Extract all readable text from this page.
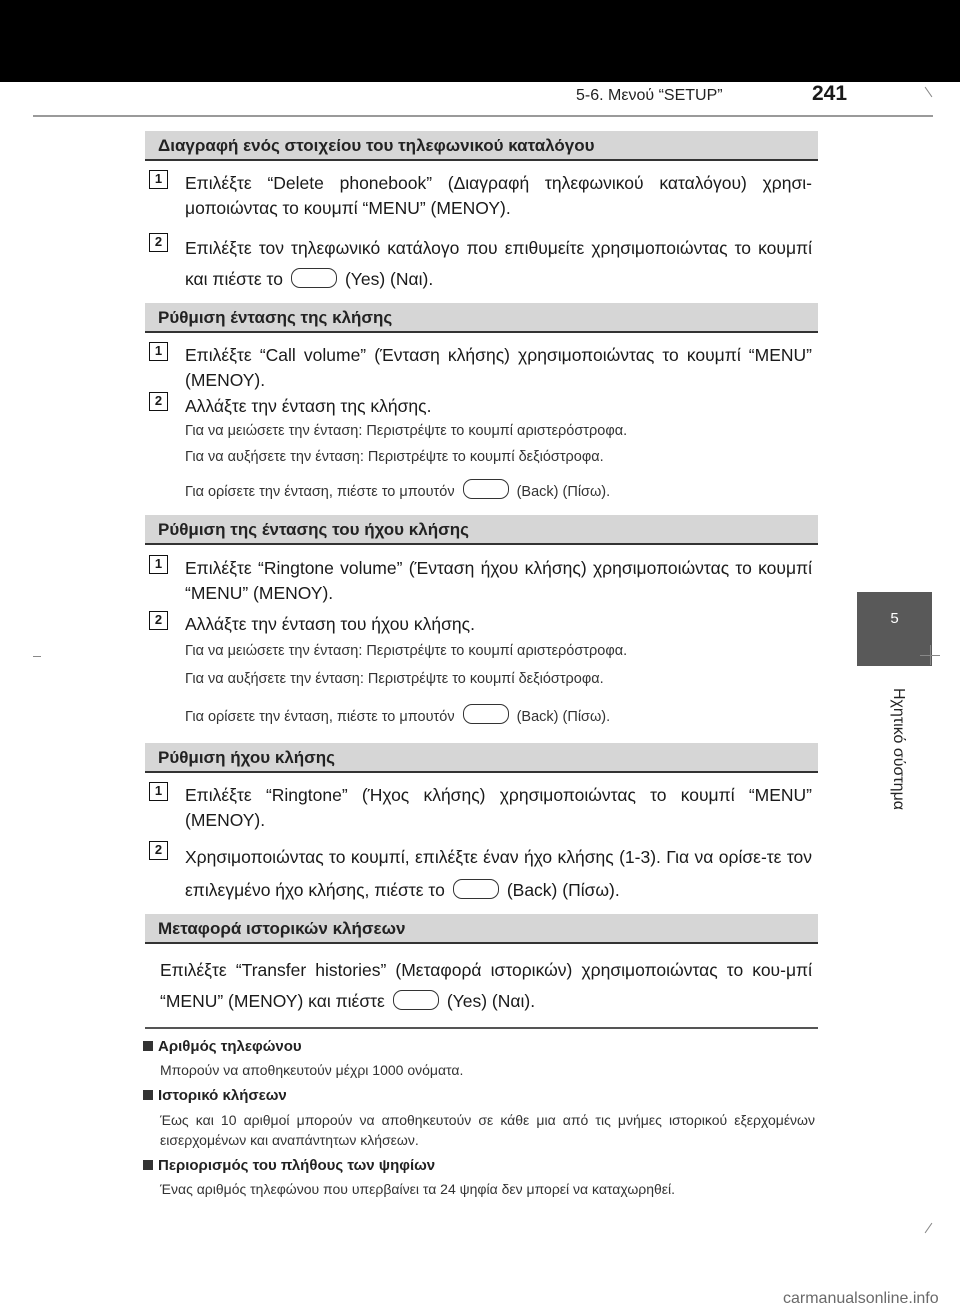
5-6. Μενού “SETUP”	241
5
Ηχητικό σύστημα
Διαγραφή ενός στοιχείου του τηλεφωνικού καταλόγου
1	Επιλέξτε “Delete phonebook” (Διαγραφή τηλεφωνικού καταλόγου) χρησι-μοποιώντας το κουμπί “MENU” (ΜΕΝΟΥ).
2	Επιλέξτε τον τηλεφωνικό κατάλογο που επιθυμείτε χρησιμοποιώντας το κουμπί και πιέστε το	(Yes) (Ναι).
Ρύθμιση έντασης της κλήσης
1	Επιλέξτε “Call volume” (Ένταση κλήσης) χρησιμοποιώντας το κουμπί “MENU” (ΜΕΝΟΥ).
2	Αλλάξτε την ένταση της κλήσης.
Για να μειώσετε την ένταση: Περιστρέψτε το κουμπί αριστερόστροφα.
Για να αυξήσετε την ένταση: Περιστρέψτε το κουμπί δεξιόστροφα.
Για ορίσετε την ένταση, πιέστε το μπουτόν	(Back) (Πίσω).
Ρύθμιση της έντασης του ήχου κλήσης
1	Επιλέξτε “Ringtone volume” (Ένταση ήχου κλήσης) χρησιμοποιώντας το κουμπί “MENU” (ΜΕΝΟΥ).
2	Αλλάξτε την ένταση του ήχου κλήσης.
Για να μειώσετε την ένταση: Περιστρέψτε το κουμπί αριστερόστροφα.
Για να αυξήσετε την ένταση: Περιστρέψτε το κουμπί δεξιόστροφα.
Για ορίσετε την ένταση, πιέστε το μπουτόν	(Back) (Πίσω).
Ρύθμιση ήχου κλήσης
1	Επιλέξτε “Ringtone” (Ήχος κλήσης) χρησιμοποιώντας το κουμπί “MENU” (ΜΕΝΟΥ).
2	Χρησιμοποιώντας το κουμπί, επιλέξτε έναν ήχο κλήσης (1-3). Για να ορίσε-τε τον επιλεγμένο ήχο κλήσης, πιέστε το	(Back) (Πίσω).
Μεταφορά ιστορικών κλήσεων
Επιλέξτε “Transfer histories” (Μεταφορά ιστορικών) χρησιμοποιώντας το κου-μπί “MENU” (ΜΕΝΟΥ) και πιέστε	(Yes) (Ναι).
Αριθμός τηλεφώνου
Μπορούν να αποθηκευτούν μέχρι 1000 ονόματα.
Ιστορικό κλήσεων
Έως και 10 αριθμοί μπορούν να αποθηκευτούν σε κάθε μια από τις μνήμες ιστορικού εξερχομένων εισερχομένων και αναπάντητων κλήσεων.
Περιορισμός του πλήθους των ψηφίων
Ένας αριθμός τηλεφώνου που υπερβαίνει τα 24 ψηφία δεν μπορεί να καταχωρηθεί.
carmanualsonline.info
